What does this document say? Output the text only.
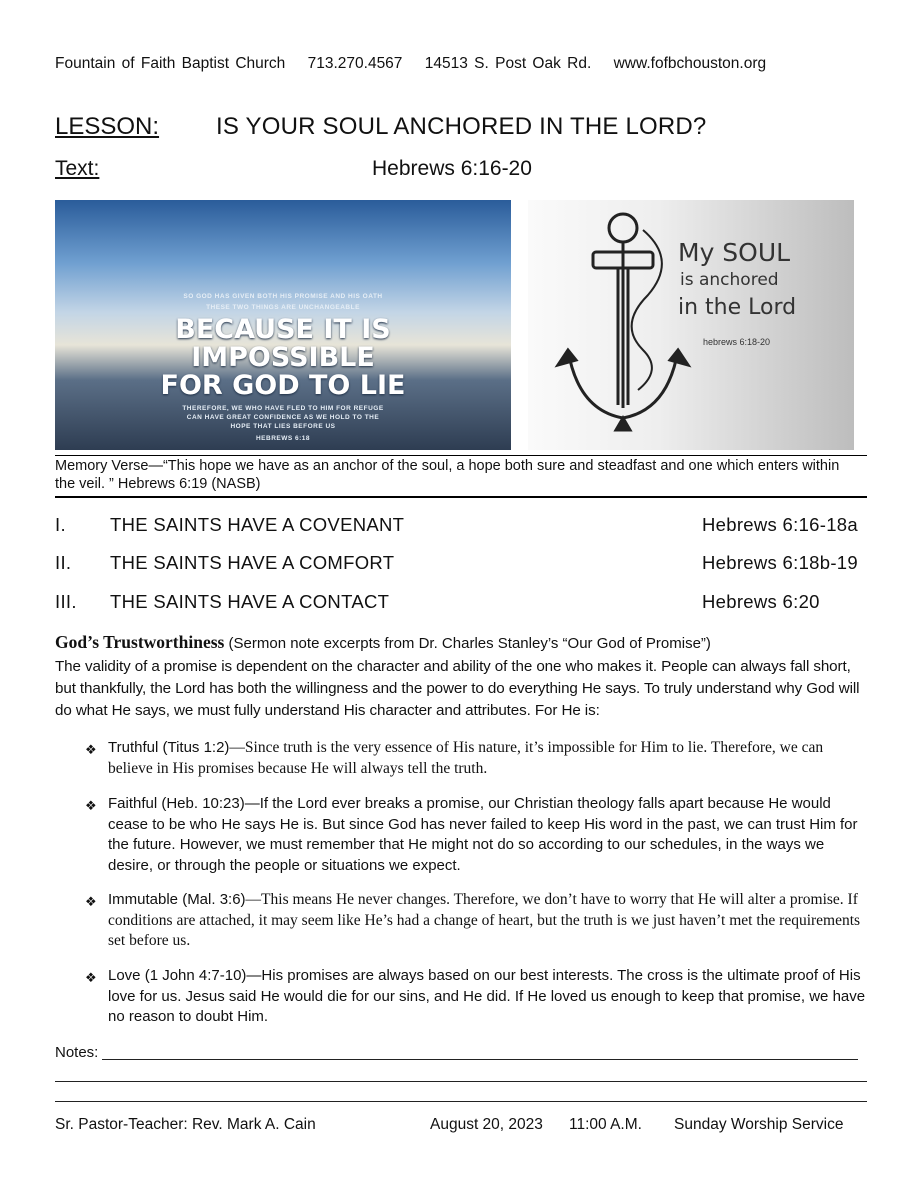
Fountain of Faith Baptist Church 713.270.4567 14513 S. Post Oak Rd. www.fofbchouston.org
LESSON: IS YOUR SOUL ANCHORED IN THE LORD?
Text:	Hebrews 6:16-20
SO GOD HAS GIVEN BOTH HIS PROMISE AND HIS OATH
THESE TWO THINGS ARE UNCHANGEABLE
BECAUSE IT IS
IMPOSSIBLE
FOR GOD TO LIE
THEREFORE, WE WHO HAVE FLED TO HIM FOR REFUGE
CAN HAVE GREAT CONFIDENCE AS WE HOLD TO THE
HOPE THAT LIES BEFORE US
HEBREWS 6:18
My SOUL
is anchored
in the Lord
hebrews 6:18-20
Memory Verse—“This hope we have as an anchor of the soul, a hope both sure and steadfast and one which enters within the veil. ” Hebrews 6:19 (NASB)
I. THE SAINTS HAVE A COVENANT	Hebrews 6:16-18a
II. THE SAINTS HAVE A COMFORT	Hebrews 6:18b-19
III. THE SAINTS HAVE A CONTACT	Hebrews 6:20
God’s Trustworthiness (Sermon note excerpts from Dr. Charles Stanley’s “Our God of Promise”)
The validity of a promise is dependent on the character and ability of the one who makes it. People can always fall short, but thankfully, the Lord has both the willingness and the power to do everything He says. To truly understand why God will do what He says, we must fully understand His character and attributes. For He is:
❖ Truthful (Titus 1:2)—Since truth is the very essence of His nature, it’s impossible for Him to lie. Therefore, we can believe in His promises because He will always tell the truth.
❖ Faithful (Heb. 10:23)—If the Lord ever breaks a promise, our Christian theology falls apart because He would cease to be who He says He is. But since God has never failed to keep His word in the past, we can trust Him for the future. However, we must remember that He might not do so according to our schedules, in the ways we desire, or through the people or situations we expect.
❖ Immutable (Mal. 3:6)—This means He never changes. Therefore, we don’t have to worry that He will alter a promise. If conditions are attached, it may seem like He’s had a change of heart, but the truth is we just haven’t met the requirements set before us.
❖ Love (1 John 4:7-10)—His promises are always based on our best interests. The cross is the ultimate proof of His love for us. Jesus said He would die for our sins, and He did. If He loved us enough to keep that promise, we have no reason to doubt Him.
Notes:
Sr. Pastor-Teacher: Rev. Mark A. Cain	August 20, 2023 11:00 A.M. Sunday Worship Service
